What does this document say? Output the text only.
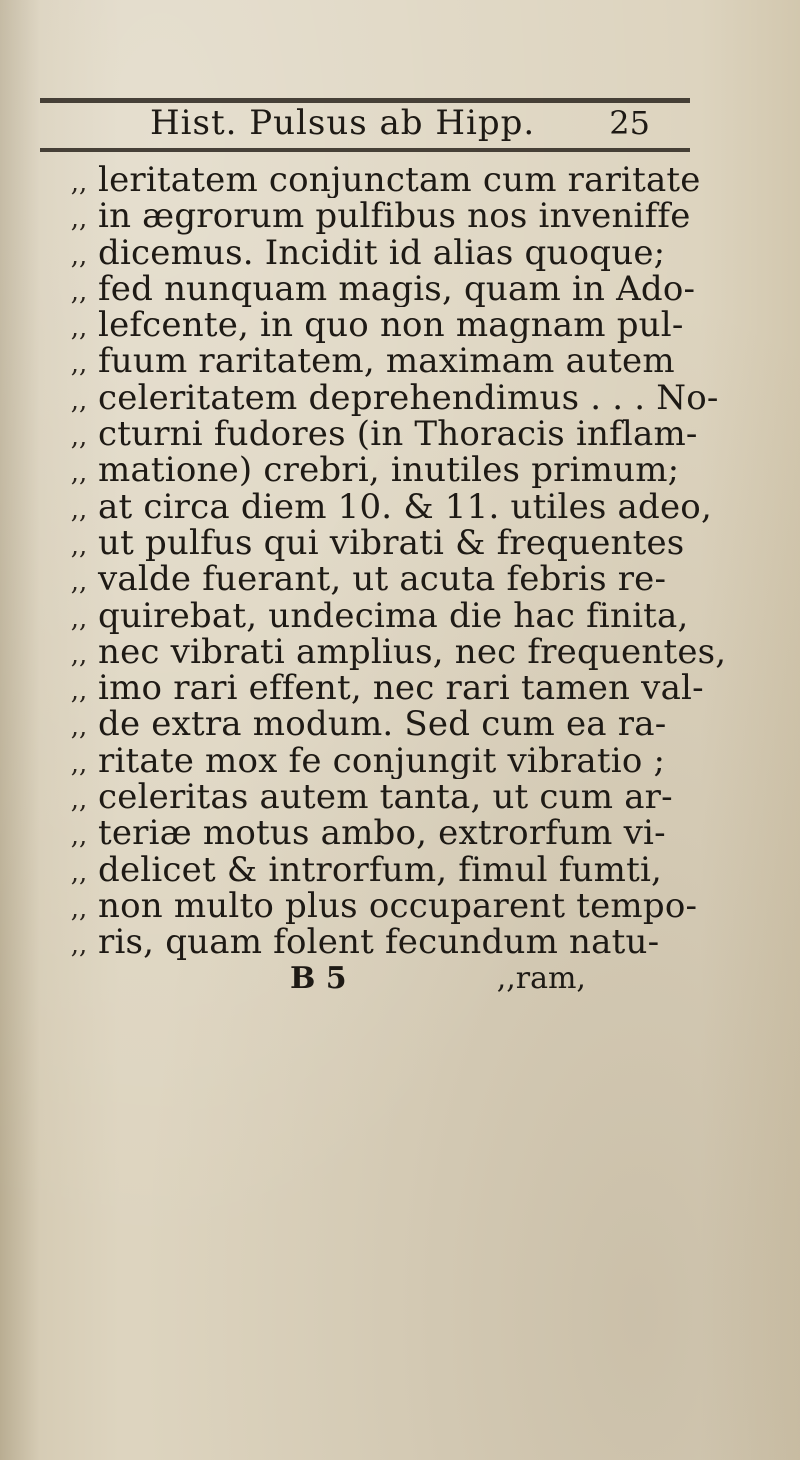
Hist. Pulsus ab Hipp. 25
,, leritatem conjunctam cum raritate
,, in ægrorum pulfibus nos inveniffe
,, dicemus. Incidit id alias quoque;
,, fed nunquam magis, quam in Ado-
,, lefcente, in quo non magnam pul-
,, fuum raritatem, maximam autem
,, celeritatem deprehendimus . . . No-
,, cturni fudores (in Thoracis inflam-
,, matione) crebri, inutiles primum;
,, at circa diem 10. & 11. utiles adeo,
,, ut pulfus qui vibrati & frequentes
,, valde fuerant, ut acuta febris re-
,, quirebat, undecima die hac finita,
,, nec vibrati amplius, nec frequentes,
,, imo rari effent, nec rari tamen val-
,, de extra modum. Sed cum ea ra-
,, ritate mox fe conjungit vibratio ;
,, celeritas autem tanta, ut cum ar-
,, teriæ motus ambo, extrorfum vi-
,, delicet & introrfum, fimul fumti,
,, non multo plus occuparent tempo-
,, ris, quam folent fecundum natu-
B 5	,,ram,
